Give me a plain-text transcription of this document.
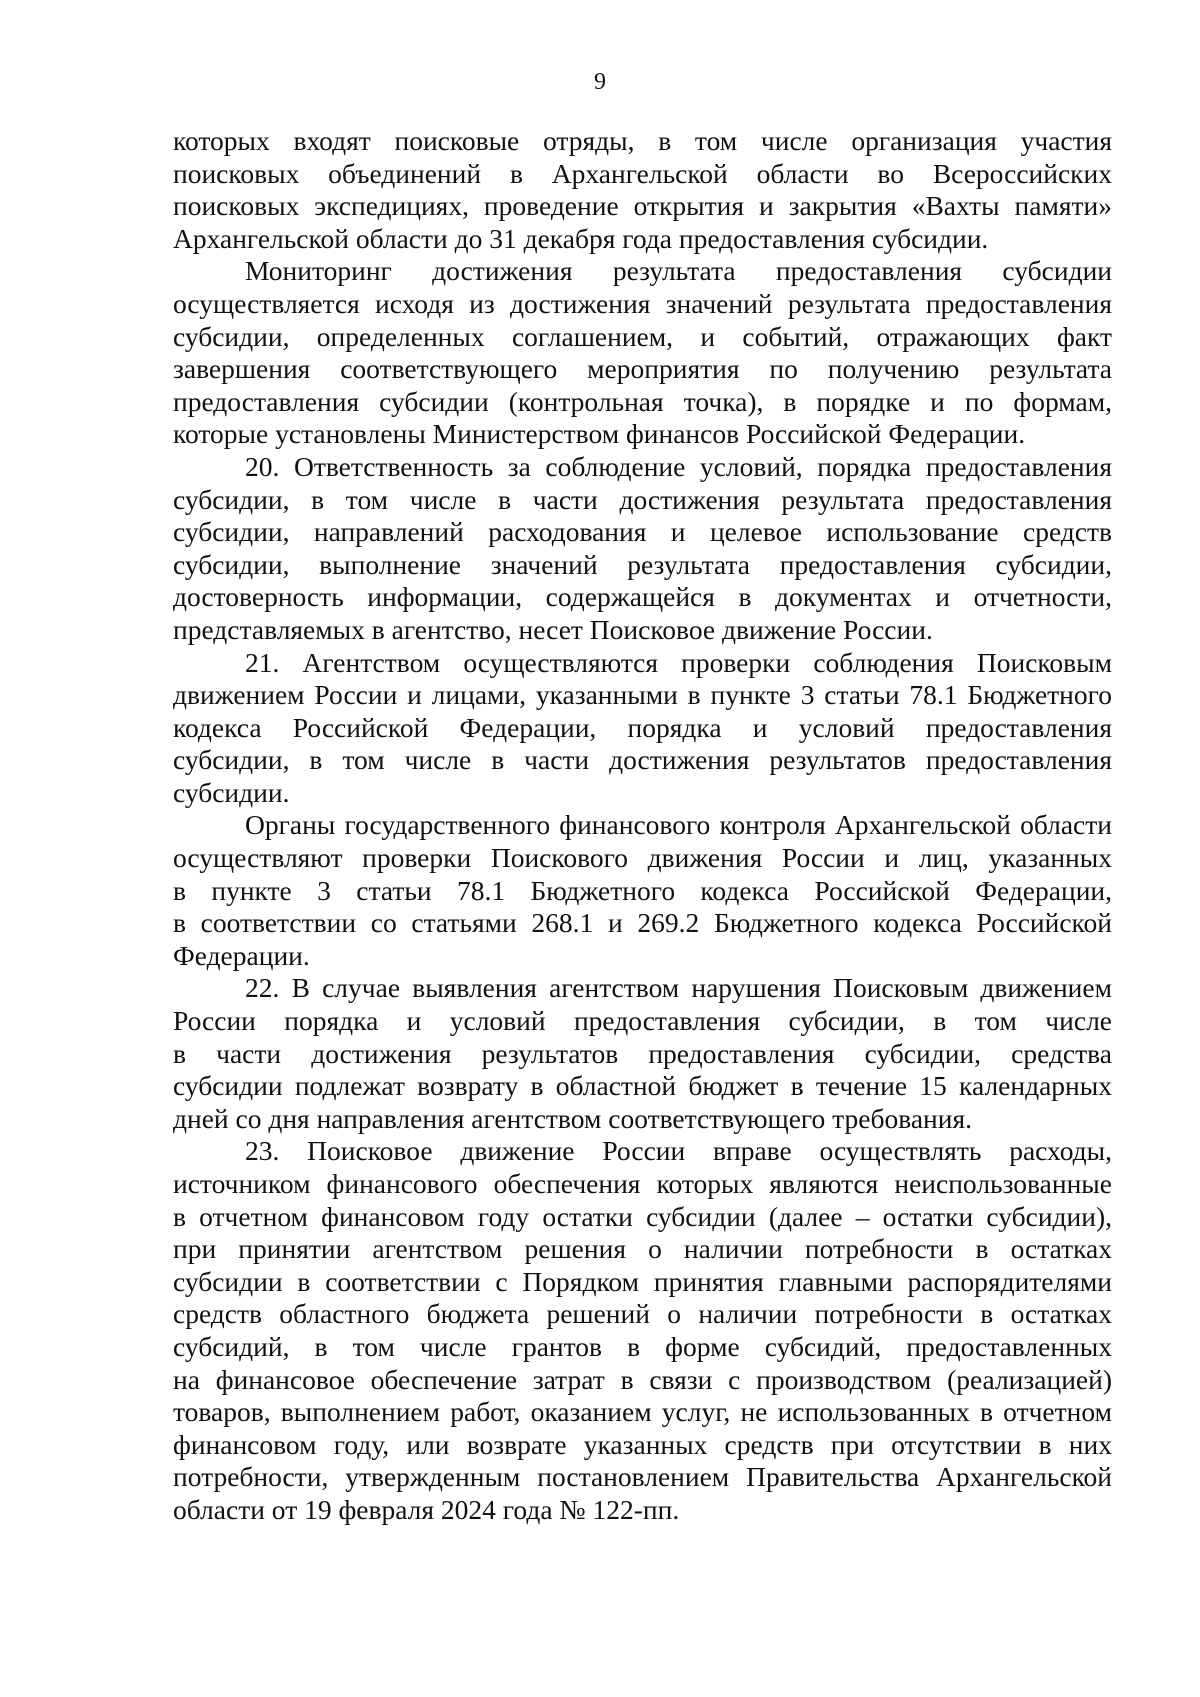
9
которых входят поисковые отряды, в том числе организация участия
поисковых объединений в Архангельской области во Всероссийских
поисковых экспедициях, проведение открытия и закрытия «Вахты памяти»
Архангельской области до 31 декабря года предоставления субсидии.
Мониторинг достижения результата предоставления субсидии
осуществляется исходя из достижения значений результата предоставления
субсидии, определенных соглашением, и событий, отражающих факт
завершения соответствующего мероприятия по получению результата
предоставления субсидии (контрольная точка), в порядке и по формам,
которые установлены Министерством финансов Российской Федерации.
20. Ответственность за соблюдение условий, порядка предоставления
субсидии, в том числе в части достижения результата предоставления
субсидии, направлений расходования и целевое использование средств
субсидии, выполнение значений результата предоставления субсидии,
достоверность информации, содержащейся в документах и отчетности,
представляемых в агентство, несет Поисковое движение России.
21. Агентством осуществляются проверки соблюдения Поисковым
движением России и лицами, указанными в пункте 3 статьи 78.1 Бюджетного
кодекса Российской Федерации, порядка и условий предоставления
субсидии, в том числе в части достижения результатов предоставления
субсидии.
Органы государственного финансового контроля Архангельской области
осуществляют проверки Поискового движения России и лиц, указанных
в пункте 3 статьи 78.1 Бюджетного кодекса Российской Федерации,
в соответствии со статьями 268.1 и 269.2 Бюджетного кодекса Российской
Федерации.
22. В случае выявления агентством нарушения Поисковым движением
России порядка и условий предоставления субсидии, в том числе
в части достижения результатов предоставления субсидии, средства
субсидии подлежат возврату в областной бюджет в течение 15 календарных
дней со дня направления агентством соответствующего требования.
23. Поисковое движение России вправе осуществлять расходы,
источником финансового обеспечения которых являются неиспользованные
в отчетном финансовом году остатки субсидии (далее – остатки субсидии),
при принятии агентством решения о наличии потребности в остатках
субсидии в соответствии с Порядком принятия главными распорядителями
средств областного бюджета решений о наличии потребности в остатках
субсидий, в том числе грантов в форме субсидий, предоставленных
на финансовое обеспечение затрат в связи с производством (реализацией)
товаров, выполнением работ, оказанием услуг, не использованных в отчетном
финансовом году, или возврате указанных средств при отсутствии в них
потребности, утвержденным постановлением Правительства Архангельской
области от 19 февраля 2024 года № 122-пп.
